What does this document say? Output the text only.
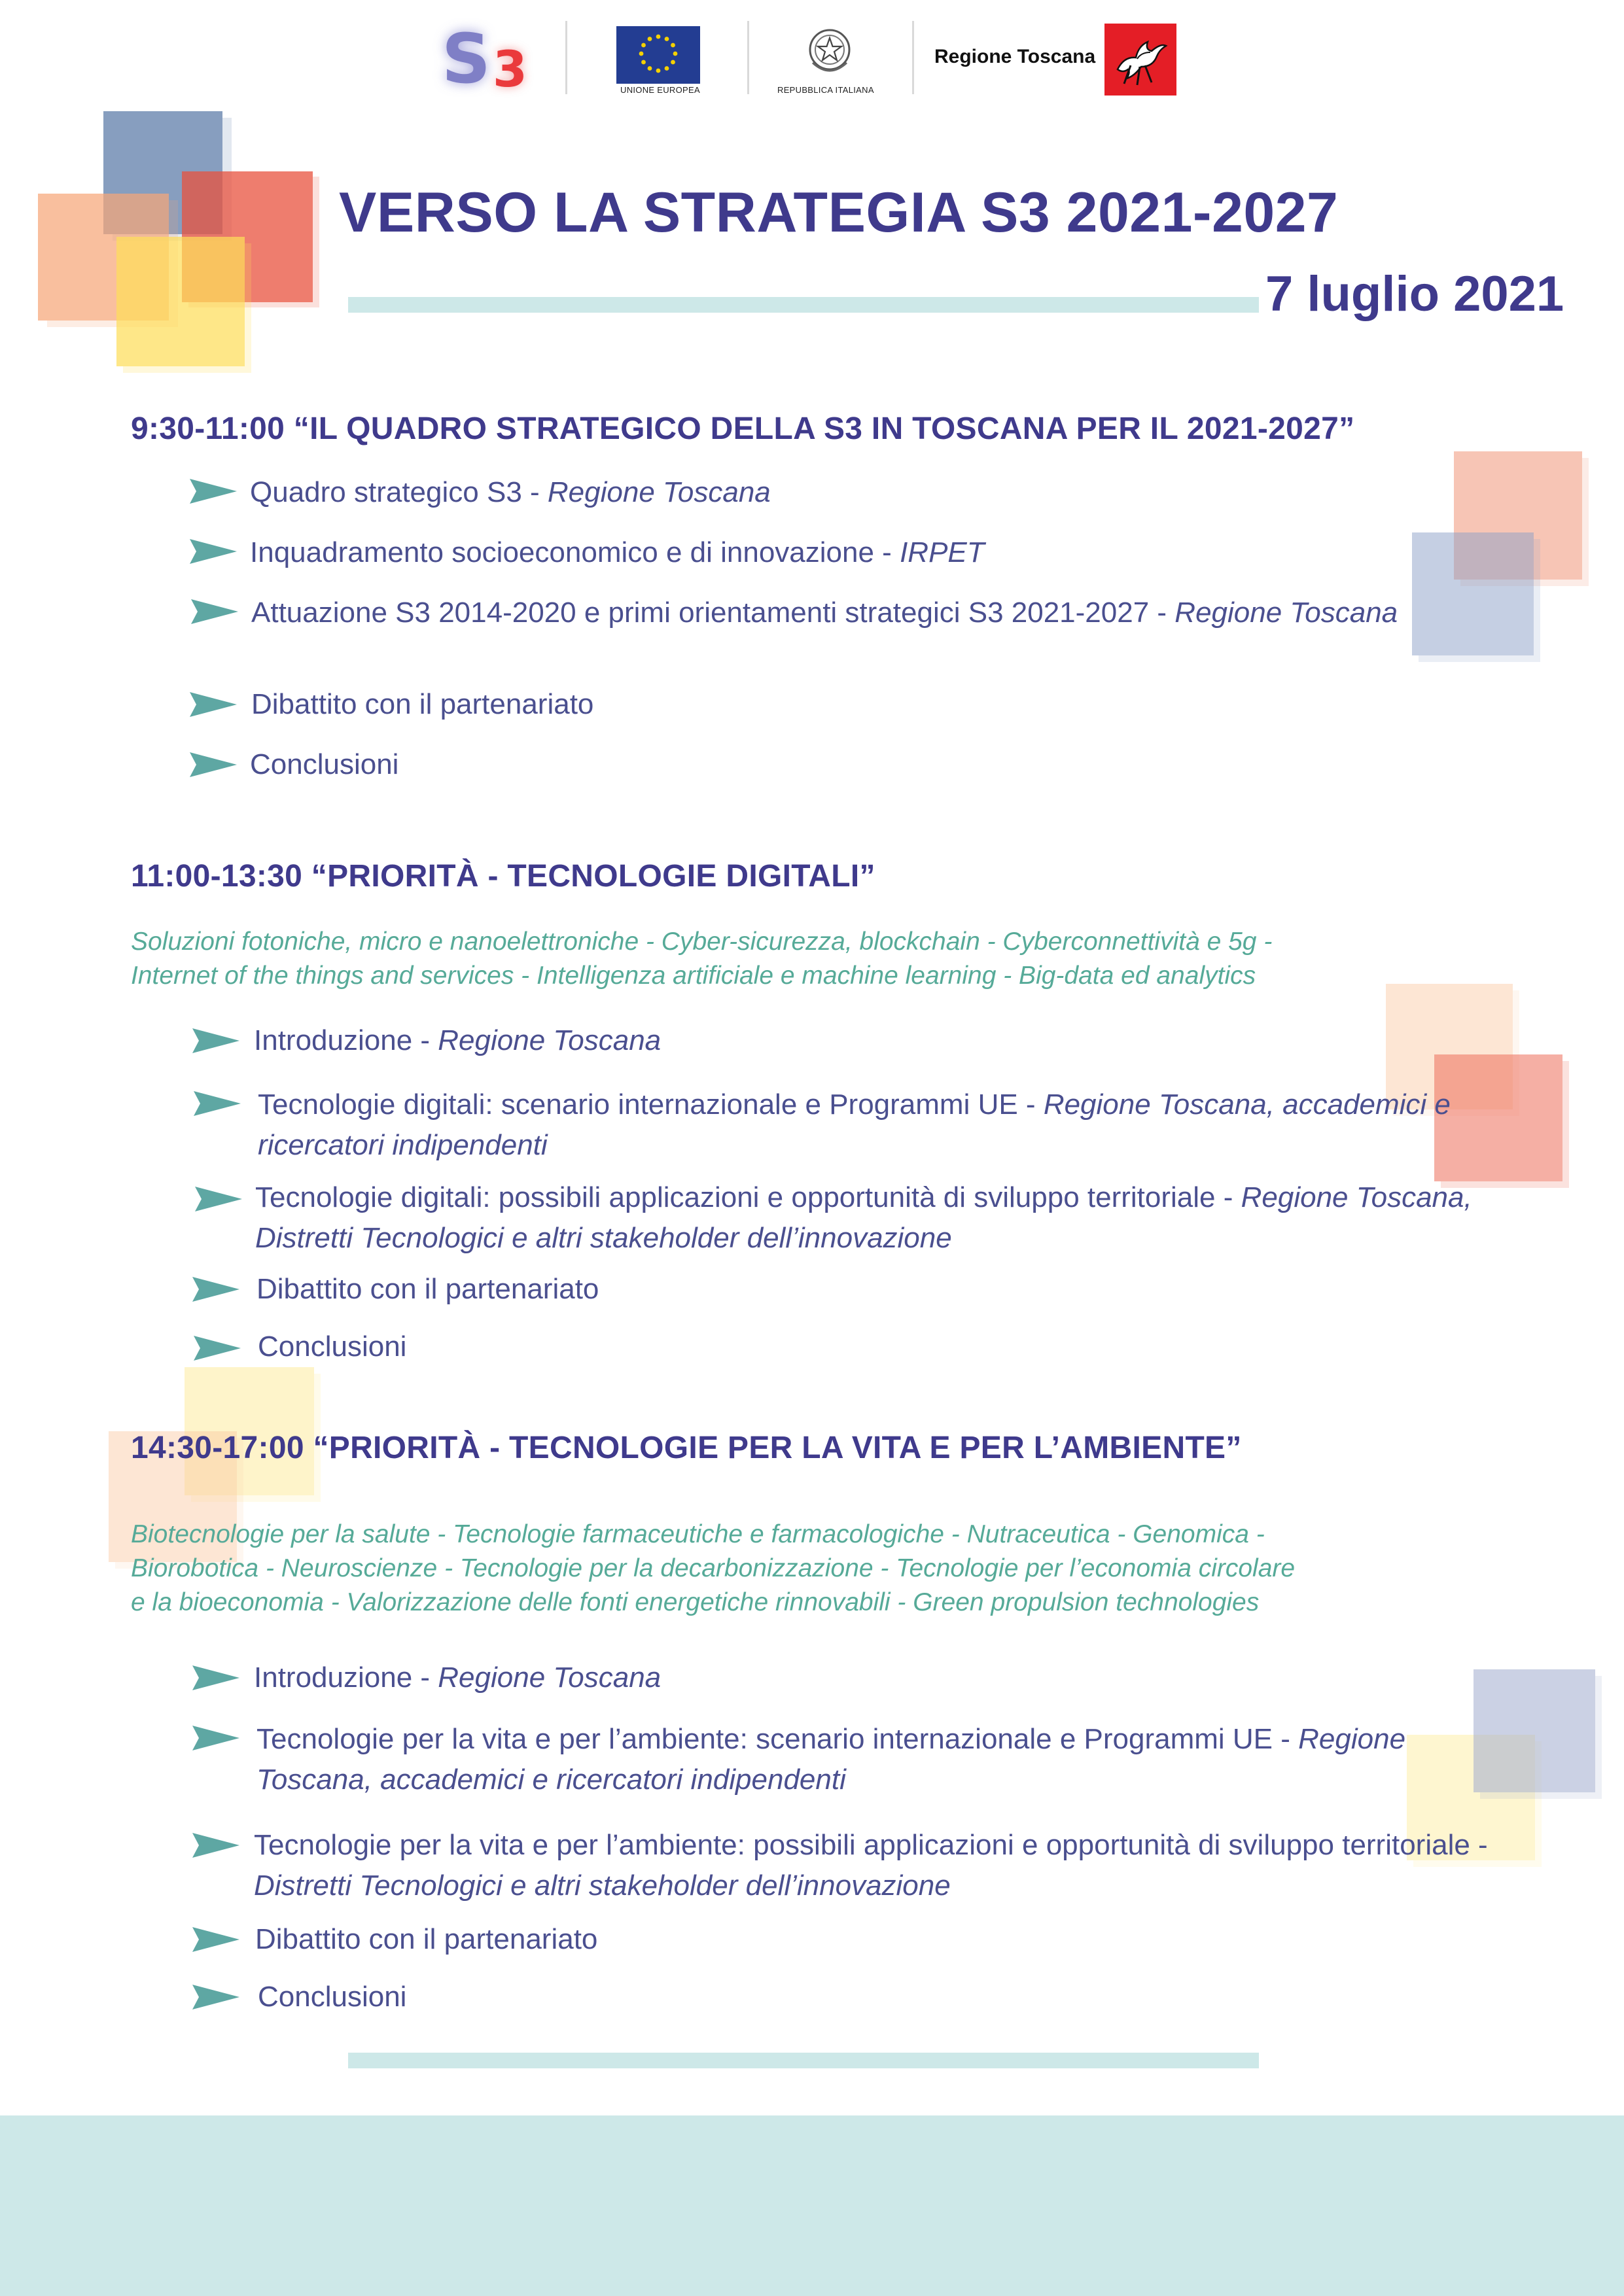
S 3	UNIONE EUROPEA	REPUBBLICA ITALIANA
Regione Toscana
VERSO LA STRATEGIA S3 2021-2027
7 luglio 2021
9:30-11:00 “IL QUADRO STRATEGICO DELLA S3 IN TOSCANA PER IL 2021-2027”
Quadro strategico S3 - Regione Toscana
Inquadramento socioeconomico e di innovazione - IRPET
Attuazione S3 2014-2020 e primi orientamenti strategici S3 2021-2027 - Regione Toscana
Dibattito con il partenariato
Conclusioni
11:00-13:30 “PRIORITÀ - TECNOLOGIE DIGITALI”
Soluzioni fotoniche, micro e nanoelettroniche - Cyber-sicurezza, blockchain - Cyberconnettività e 5g -
Internet of the things and services - Intelligenza artificiale e machine learning - Big-data ed analytics
Introduzione - Regione Toscana
Tecnologie digitali: scenario internazionale e Programmi UE - Regione Toscana, accademici e ricercatori indipendenti
Tecnologie digitali: possibili applicazioni e opportunità di sviluppo territoriale - Regione Toscana, Distretti Tecnologici e altri stakeholder dell’innovazione
Dibattito con il partenariato
Conclusioni
14:30-17:00 “PRIORITÀ - TECNOLOGIE PER LA VITA E PER L’AMBIENTE”
Biotecnologie per la salute - Tecnologie farmaceutiche e farmacologiche - Nutraceutica - Genomica -
Biorobotica - Neuroscienze - Tecnologie per la decarbonizzazione - Tecnologie per l’economia circolare
e la bioeconomia - Valorizzazione delle fonti energetiche rinnovabili - Green propulsion technologies
Introduzione - Regione Toscana
Tecnologie per la vita e per l’ambiente: scenario internazionale e Programmi UE - Regione Toscana, accademici e ricercatori indipendenti
Tecnologie per la vita e per l’ambiente: possibili applicazioni e opportunità di sviluppo territoriale - Distretti Tecnologici e altri stakeholder dell’innovazione
Dibattito con il partenariato
Conclusioni
